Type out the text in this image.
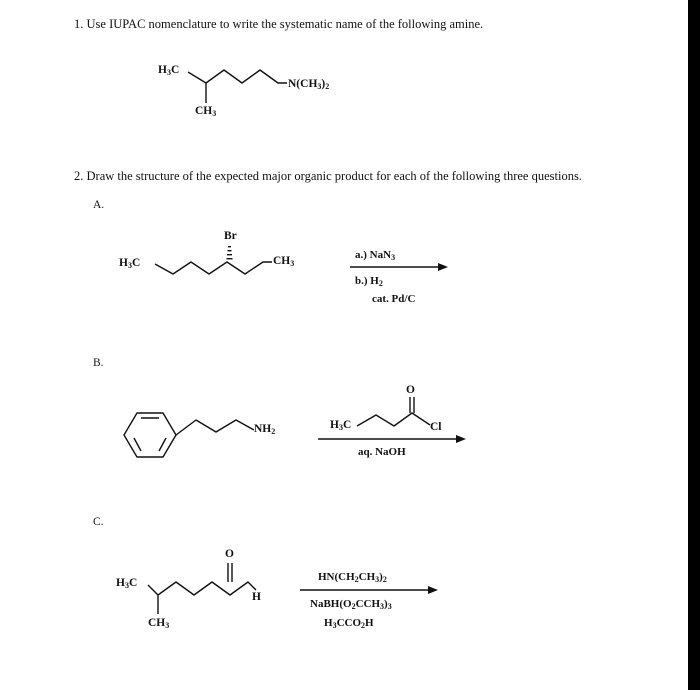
1. Use IUPAC nomenclature to write the systematic name of the following amine.
2. Draw the structure of the expected major organic product for each of the following three questions.
A.
B.
C.
$H_3C$
$N(CH_3)_2$
$CH_3$
$H_3C$
Br
$CH_3$
a.) NaN$_3$
b.) $H_2$
cat. Pd/C
$NH_2$
$H_3C$
O
Cl
aq. NaOH
$H_3C$
$CH_3$
O
H
$HN(CH_2CH_3)_2$
$NaBH(O_2CCH_3)_3$
$H_3CCO_2H$
